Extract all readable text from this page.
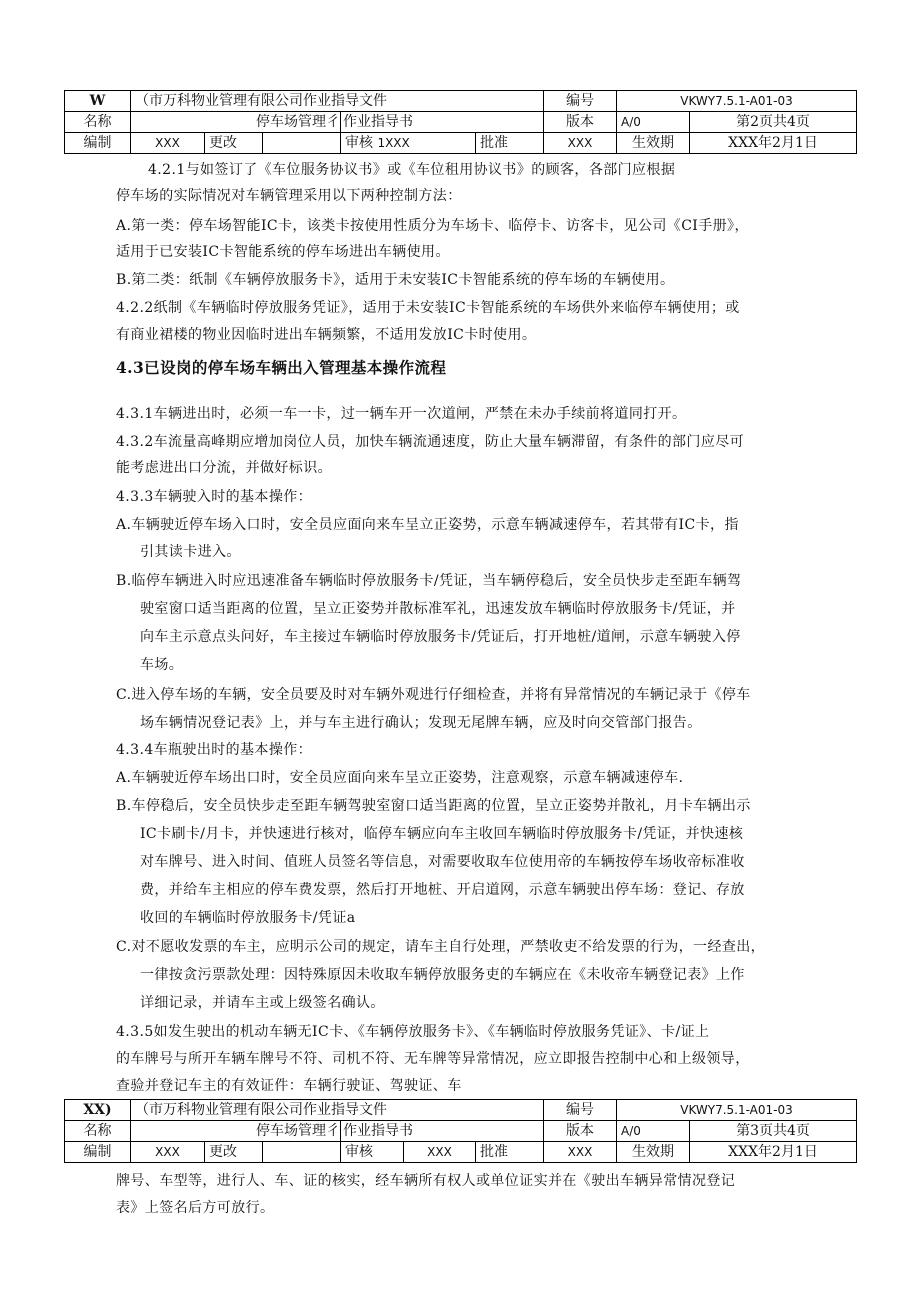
W	（市万科物业管理有限公司作业指导文件					编号	VKWY7.5.1-A01-03	
名称	停车场管理彳			作业指导书		版本	A/0	第2页共4页
编制	XXX	更改		审核 1XXX	批准	XXX	生效期	XXX年2月1日
4.2.1与如签订了《车位服务协议书》或《车位租用协议书》的顾客，各部门应根据
停车场的实际情况对车辆管理采用以下两种控制方法：
A.第一类：停车场智能IC卡，该类卡按使用性质分为车场卡、临停卡、访客卡，见公司《CI手册》，
适用于已安装IC卡智能系统的停车场进出车辆使用。
B.第二类：纸制《车辆停放服务卡》，适用于未安装IC卡智能系统的停车场的车辆使用。
4.2.2纸制《车辆临时停放服务凭证》，适用于未安装IC卡智能系统的车场供外来临停车辆使用；或
有商业裙楼的物业因临时进出车辆频繁，不适用发放IC卡时使用。
4.3已设岗的停车场车辆出入管理基本操作流程
4.3.1车辆进出时，必须一车一卡，过一辆车开一次道闸，严禁在未办手续前将道同打开。
4.3.2车流量高峰期应增加岗位人员，加快车辆流通速度，防止大量车辆滞留，有条件的部门应尽可
能考虑进出口分流，并做好标识。
4.3.3车辆驶入时的基本操作：
A.车辆驶近停车场入口时，安全员应面向来车呈立正姿势，示意车辆减速停车，若其带有IC卡，指
引其读卡进入。
B.临停车辆进入时应迅速准备车辆临时停放服务卡/凭证，当车辆停稳后，安全员快步走至距车辆驾
驶室窗口适当距离的位置，呈立正姿势并散标准军礼，迅速发放车辆临时停放服务卡/凭证，并
向车主示意点头问好，车主接过车辆临时停放服务卡/凭证后，打开地桩/道闸，示意车辆驶入停
车场。
C.进入停车场的车辆，安全员要及时对车辆外观进行仔细检查，并将有异常情况的车辆记录于《停车
场车辆情况登记表》上，并与车主进行确认；发现无尾牌车辆，应及时向交管部门报告。
4.3.4车瓶驶出时的基本操作：
A.车辆驶近停车场出口时，安全员应面向来车呈立正姿势，注意观察，示意车辆减速停车.
B.车停稳后，安全员快步走至距车辆驾驶室窗口适当距离的位置，呈立正姿势并散礼，月卡车辆出示
IC卡刷卡/月卡，并快速进行核对，临停车辆应向车主收回车辆临时停放服务卡/凭证，并快速核
对车牌号、进入时间、值班人员签名等信息，对需要收取车位使用帝的车辆按停车场收帝标准收
费，并给车主相应的停车费发票，然后打开地桩、开启道网，示意车辆驶出停车场：登记、存放
收回的车辆临时停放服务卡/凭证a
C.对不愿收发票的车主，应明示公司的规定，请车主自行处理，严禁收吏不给发票的行为，一经查出，
一律按贪污票款处理：因特殊原因未收取车辆停放服务吏的车辆应在《未收帝车辆登记表》上作
详细记录，并请车主或上级签名确认。
4.3.5如发生驶出的机动车辆无IC卡、《车辆停放服务卡》、《车辆临时停放服务凭证》、卡/证上
的车牌号与所开车辆车牌号不符、司机不符、无车牌等异常情况，应立即报告控制中心和上级领导，
查验并登记车主的有效证件：车辆行驶证、驾驶证、车
XX)	（市万科物业管理有限公司作业指导文件						编号	VKWY7.5.1-A01-03	
名称	停车场管理彳			作业指导书			版本	A/0	第3页共4页
编制	XXX	更改		审核	XXX	批准	XXX	生效期	XXX年2月1日
牌号、车型等，进行人、车、证的核实，经车辆所有权人或单位证实并在《驶出车辆异常情况登记
表》上签名后方可放行。
